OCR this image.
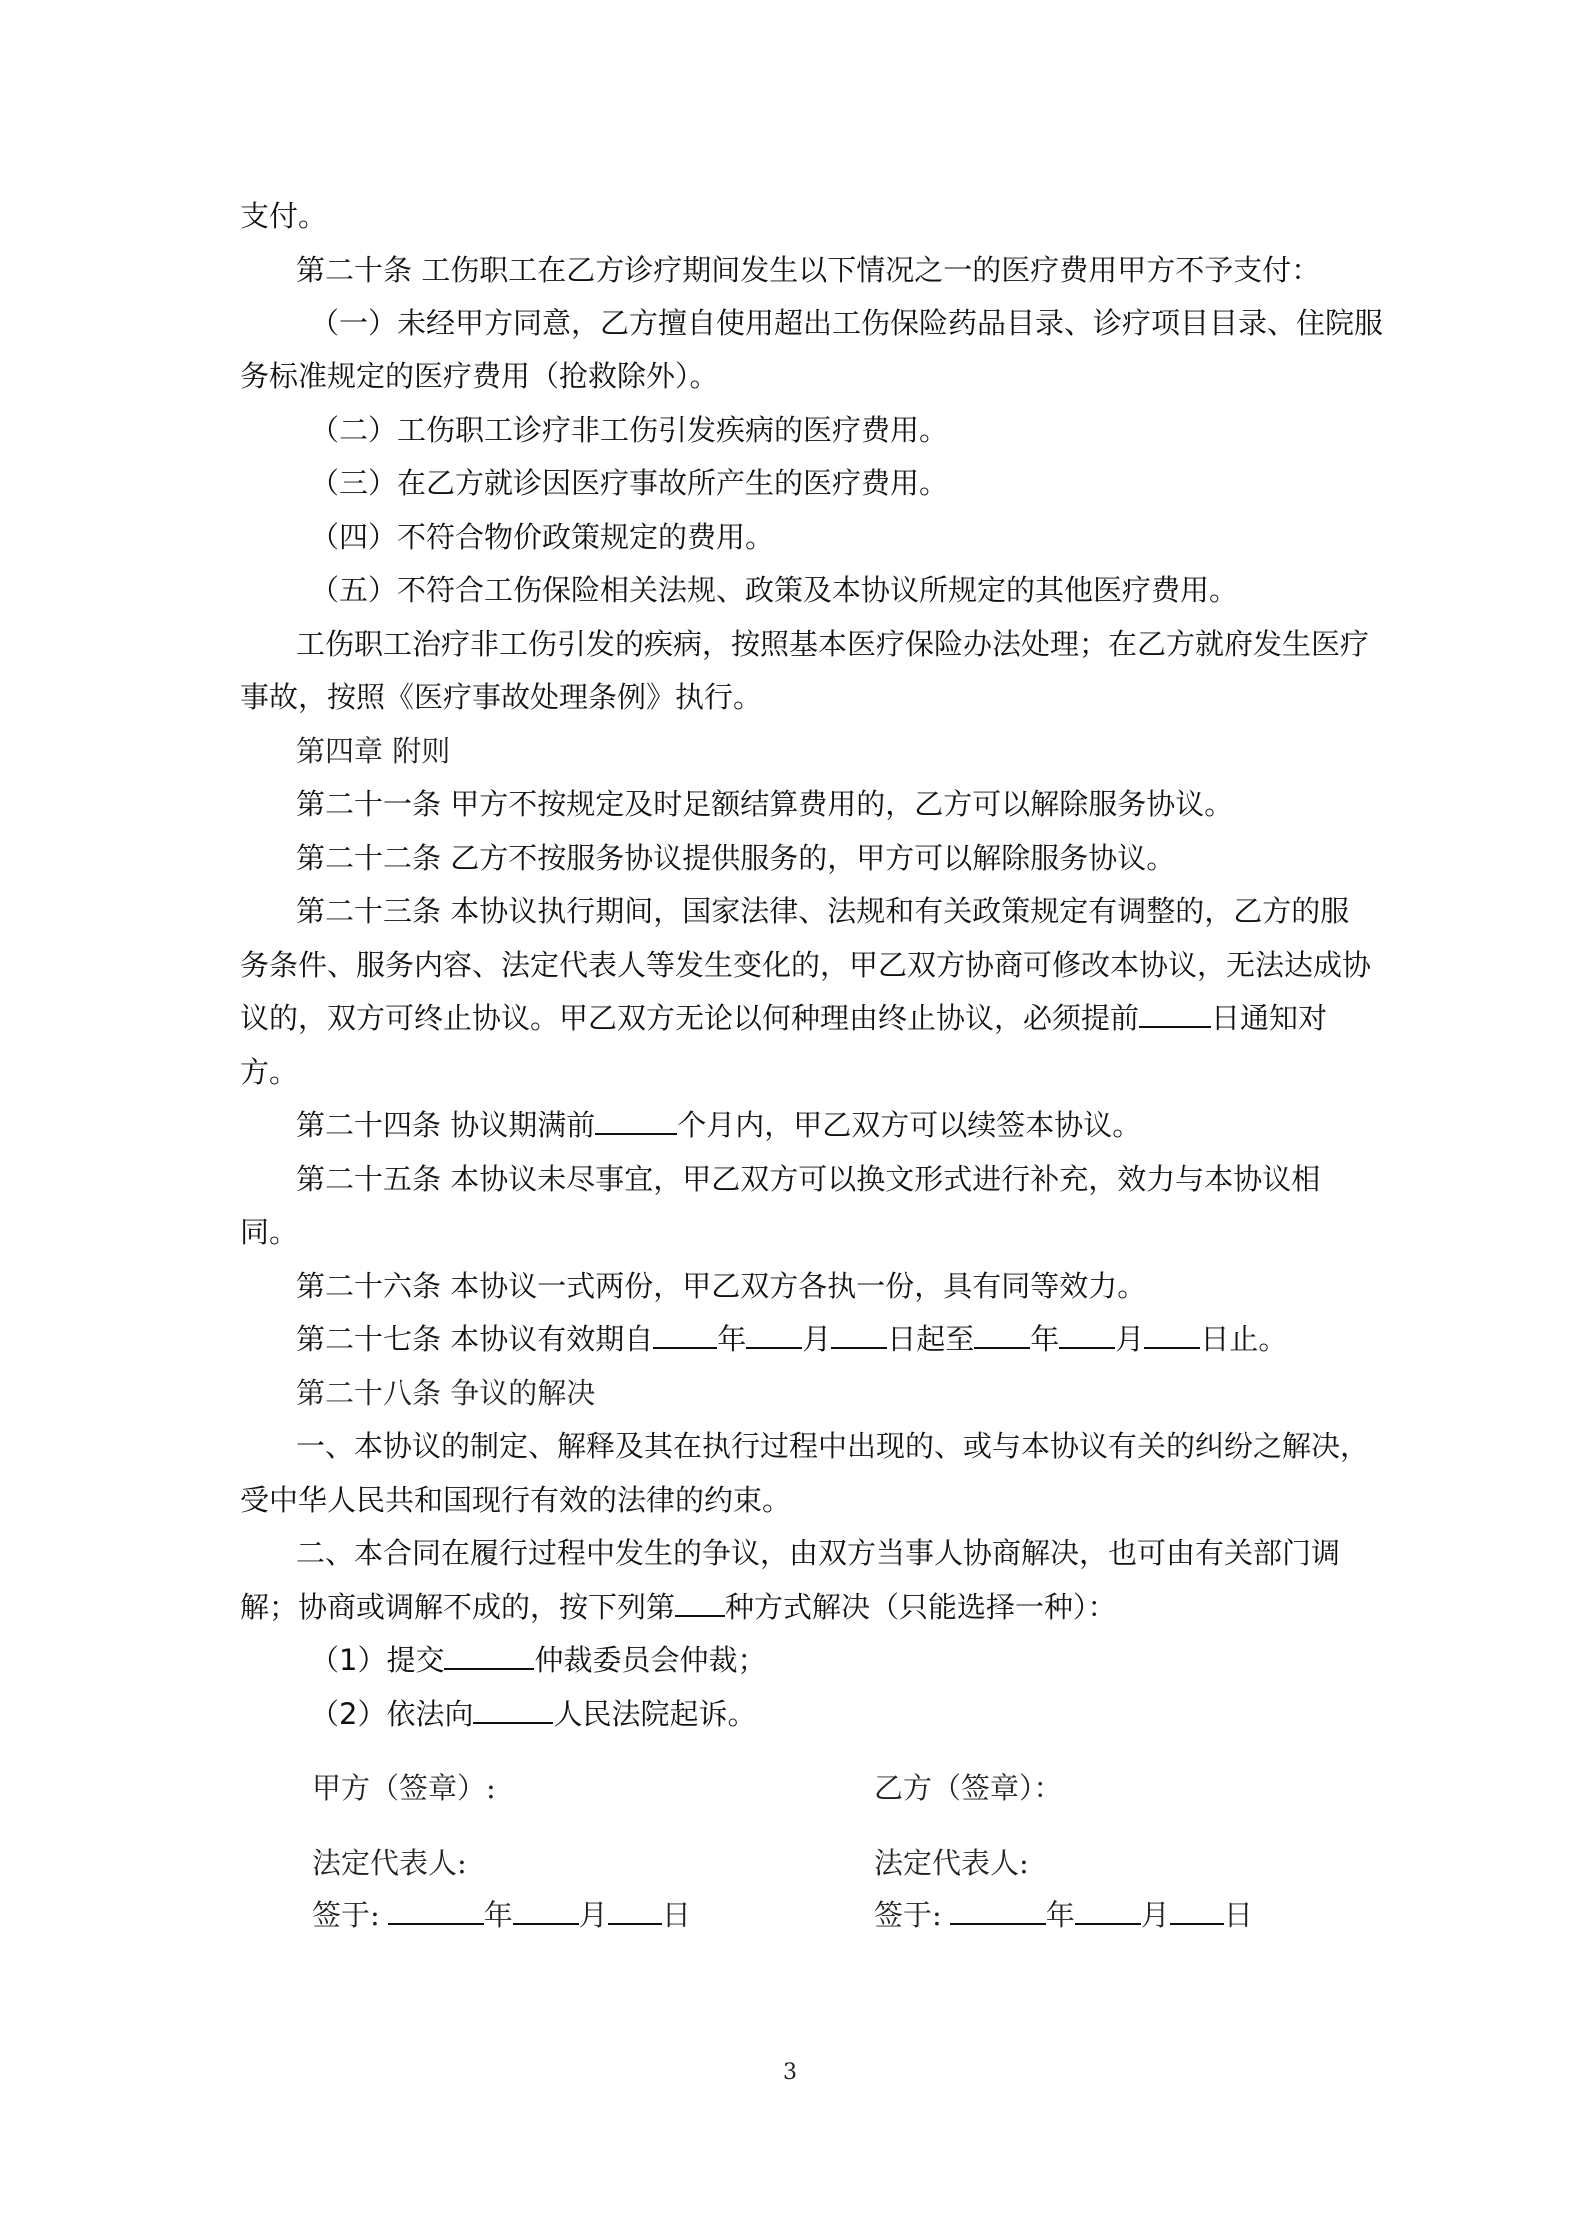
支付。
第二十条 工伤职工在乙方诊疗期间发生以下情况之一的医疗费用甲方不予支付：
（一）未经甲方同意，乙方擅自使用超出工伤保险药品目录、诊疗项目目录、住院服
务标准规定的医疗费用（抢救除外）。
（二）工伤职工诊疗非工伤引发疾病的医疗费用。
（三）在乙方就诊因医疗事故所产生的医疗费用。
（四）不符合物价政策规定的费用。
（五）不符合工伤保险相关法规、政策及本协议所规定的其他医疗费用。
工伤职工治疗非工伤引发的疾病，按照基本医疗保险办法处理；在乙方就府发生医疗
事故，按照《医疗事故处理条例》执行。
第四章 附则
第二十一条 甲方不按规定及时足额结算费用的，乙方可以解除服务协议。
第二十二条 乙方不按服务协议提供服务的，甲方可以解除服务协议。
第二十三条 本协议执行期间，国家法律、法规和有关政策规定有调整的，乙方的服
务条件、服务内容、法定代表人等发生变化的，甲乙双方协商可修改本协议，无法达成协
议的，双方可终止协议。甲乙双方无论以何种理由终止协议，必须提前 日通知对
方。
第二十四条 协议期满前	个月内，甲乙双方可以续签本协议。
第二十五条 本协议未尽事宜，甲乙双方可以换文形式进行补充，效力与本协议相
同。
第二十六条 本协议一式两份，甲乙双方各执一份，具有同等效力。
第二十七条 本协议有效期自 年 月 日起至 年 月 日止。
第二十八条 争议的解决
一、本协议的制定、解释及其在执行过程中出现的、或与本协议有关的纠纷之解决，
受中华人民共和国现行有效的法律的约束。
二、本合同在履行过程中发生的争议，由双方当事人协商解决，也可由有关部门调
解；协商或调解不成的，按下列第 种方式解决（只能选择一种）：
（1）提交	仲裁委员会仲裁；
（2）依法向	人民法院起诉。
甲方（签章）:	乙方（签章）：
法定代表人:	法定代表人:
签于:	年 月 日	签于:	年 月 日
3
